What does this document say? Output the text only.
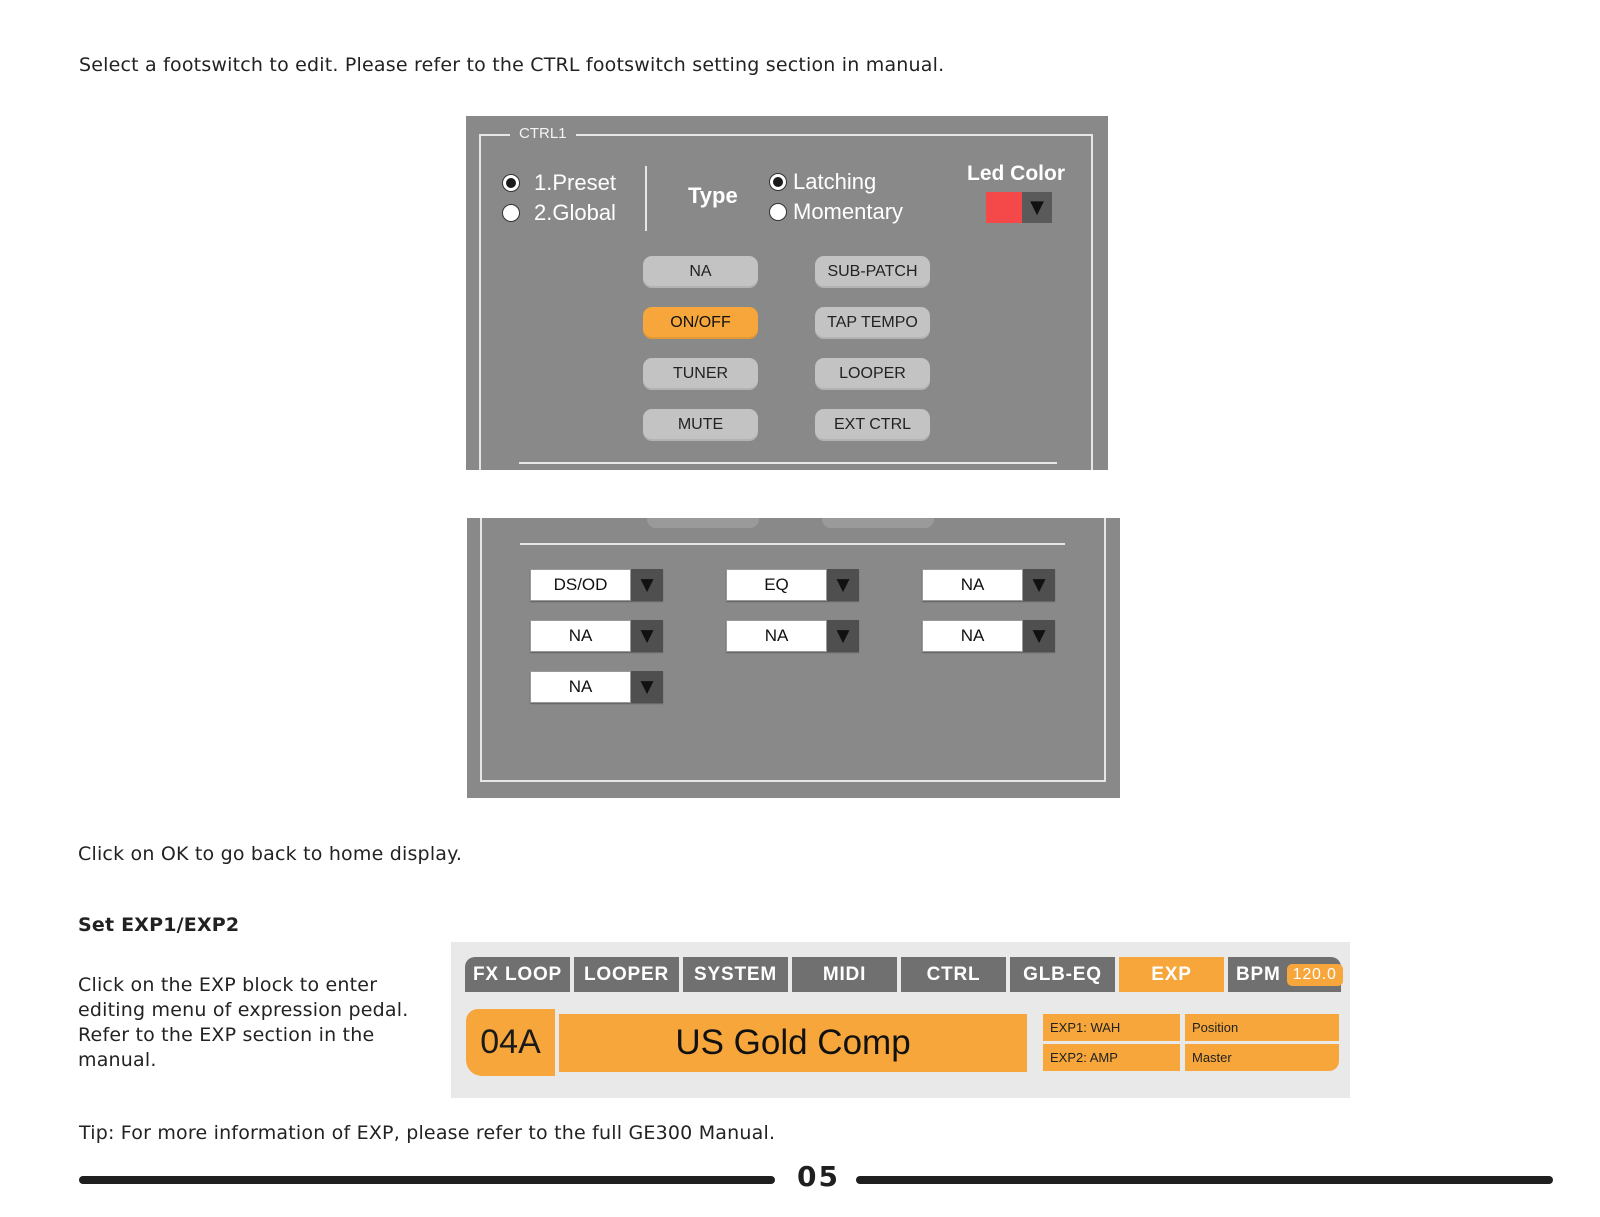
Select a footswitch to edit. Please refer to the CTRL footswitch setting section in manual.
CTRL1
1.Preset
2.Global
Type
Latching
Momentary
Led Color
▼
NA	SUB-PATCH
ON/OFF	TAP TEMPO
TUNER	LOOPER
MUTE	EXT CTRL
DS/OD	▼	EQ	▼	NA	▼
NA	▼	NA	▼	NA	▼
NA	▼
Click on OK to go back to home display.
Set EXP1/EXP2
Click on the EXP block to enter editing menu of expression pedal. Refer to the EXP section in the manual.
FX LOOP	LOOPER	SYSTEM	MIDI	CTRL	GLB-EQ	EXP	BPM 120.0
04A	US Gold Comp	EXP1: WAH	Position
EXP2: AMP	Master
Tip: For more information of EXP, please refer to the full GE300 Manual.
05
